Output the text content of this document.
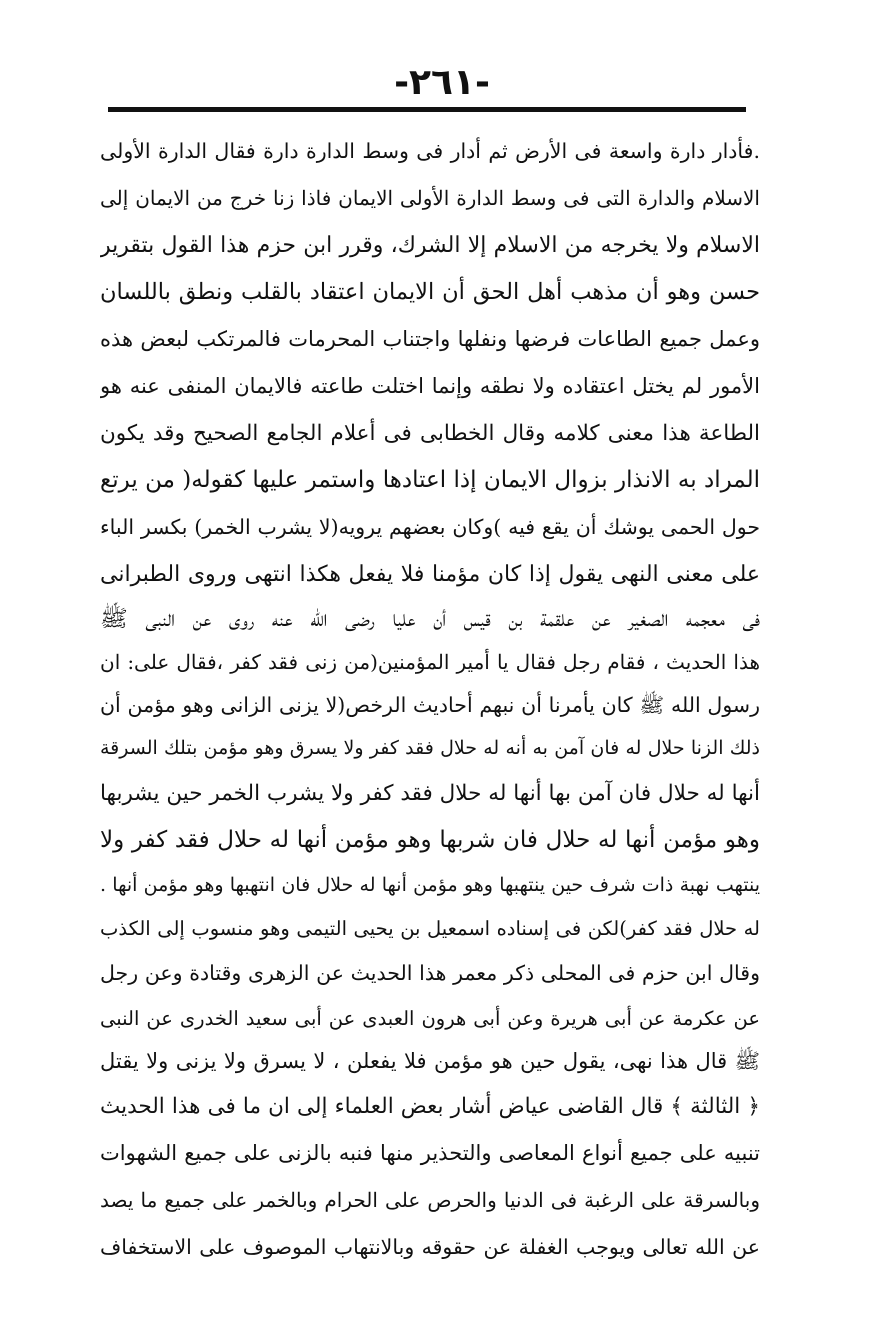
-٢٦١-
.فأدار دارة واسعة فى الأرض ثم أدار فى وسط الدارة دارة فقال الدارة الأولى
الاسلام والدارة التى فى وسط الدارة الأولى الايمان فاذا زنا خرج من الايمان إلى
الاسلام ولا يخرجه من الاسلام إلا الشرك، وقرر ابن حزم هذا القول بتقرير
حسن وهو أن مذهب أهل الحق أن الايمان اعتقاد بالقلب ونطق باللسان
وعمل جميع الطاعات فرضها ونفلها واجتناب المحرمات فالمرتكب لبعض هذه
الأمور لم يختل اعتقاده ولا نطقه وإنما اختلت طاعته فالايمان المنفى عنه هو
الطاعة هذا معنى كلامه وقال الخطابى فى أعلام الجامع الصحيح وقد يكون
المراد به الانذار بزوال الايمان إذا اعتادها واستمر عليها كقوله( من يرتع
حول الحمى يوشك أن يقع فيه )وكان بعضهم يرويه(لا يشرب الخمر) بكسر الباء
على معنى النهى يقول إذا كان مؤمنا فلا يفعل هكذا انتهى وروى الطبرانى
فى معجمه الصغير عن علقمة بن قيس أن عليا رضى الله عنه روى عن النبى ﷺ
هذا الحديث ، فقام رجل فقال يا أمير المؤمنين(من زنى فقد كفر ،فقال على: ان
رسول الله ﷺ كان يأمرنا أن نبهم أحاديث الرخص(لا يزنى الزانى وهو مؤمن أن
ذلك الزنا حلال له فان آمن به أنه له حلال فقد كفر ولا يسرق وهو مؤمن بتلك السرقة
أنها له حلال فان آمن بها أنها له حلال فقد كفر ولا يشرب الخمر حين يشربها
وهو مؤمن أنها له حلال فان شربها وهو مؤمن أنها له حلال فقد كفر ولا
ينتهب نهبة ذات شرف حين ينتهبها وهو مؤمن أنها له حلال فان انتهبها وهو مؤمن أنها .
له حلال فقد كفر)لكن فى إسناده اسمعيل بن يحيى التيمى وهو منسوب إلى الكذب
وقال ابن حزم فى المحلى ذكر معمر هذا الحديث عن الزهرى وقتادة وعن رجل
عن عكرمة عن أبى هريرة وعن أبى هرون العبدى عن أبى سعيد الخدرى عن النبى
ﷺ قال هذا نهى، يقول حين هو مؤمن فلا يفعلن ، لا يسرق ولا يزنى ولا يقتل
﴿ الثالثة ﴾ قال القاضى عياض أشار بعض العلماء إلى ان ما فى هذا الحديث
تنبيه على جميع أنواع المعاصى والتحذير منها فنبه بالزنى على جميع الشهوات
وبالسرقة على الرغبة فى الدنيا والحرص على الحرام وبالخمر على جميع ما يصد
عن الله تعالى ويوجب الغفلة عن حقوقه وبالانتهاب الموصوف على الاستخفاف
